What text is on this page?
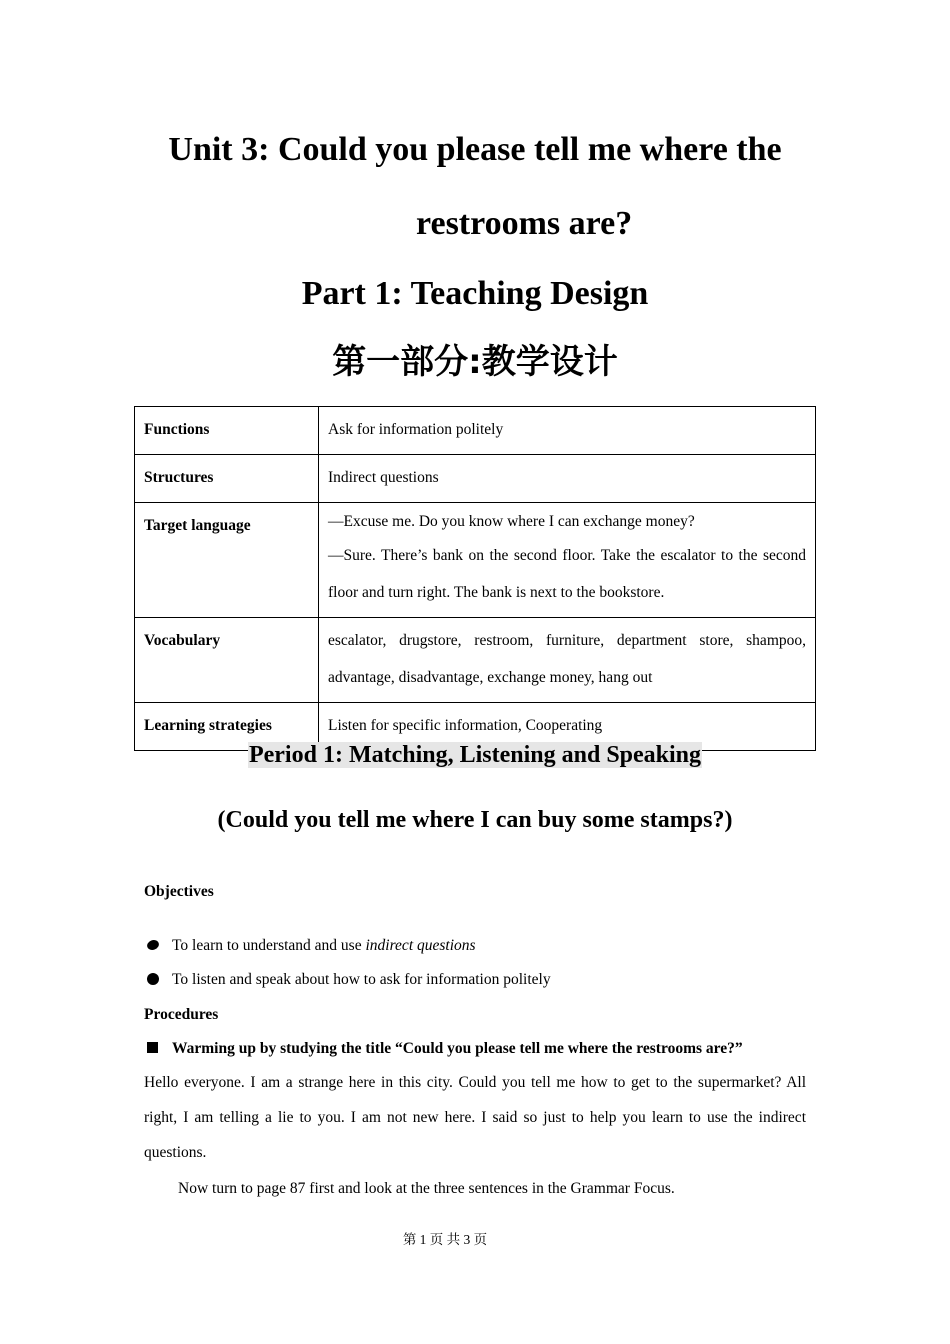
Unit 3: Could you please tell me where the
restrooms are?
Part 1: Teaching Design
第一部分:教学设计
Functions	Ask for information politely

Structures	Indirect questions

Target language	—Excuse me. Do you know where I can exchange money?
—Sure. There’s bank on the second floor. Take the escalator to the second floor and turn right. The bank is next to the bookstore.

Vocabulary	escalator, drugstore, restroom, furniture, department store, shampoo, advantage, disadvantage, exchange money, hang out

Learning strategies	Listen for specific information, Cooperating
Period 1: Matching, Listening and Speaking
(Could you tell me where I can buy some stamps?)
Objectives
To learn to understand and use indirect questions
To listen and speak about how to ask for information politely
Procedures
Warming up by studying the title “Could you please tell me where the restrooms are?”
Hello everyone. I am a strange here in this city. Could you tell me how to get to the supermarket? All right, I am telling a lie to you. I am not new here. I said so just to help you learn to use the indirect questions.
Now turn to page 87 first and look at the three sentences in the Grammar Focus.
第 1 页 共 3 页
